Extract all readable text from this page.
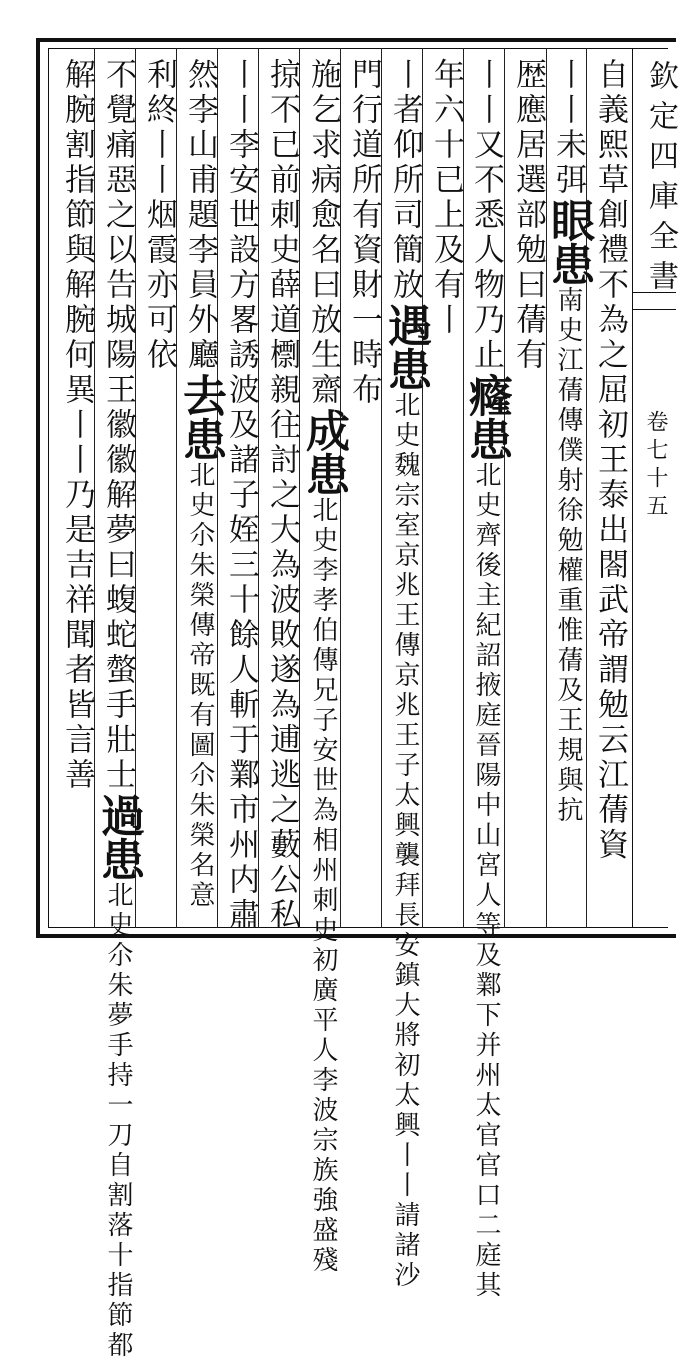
欽定四庫全書
卷七十五
自義熙草創禮不為之屈初王泰出閤武帝謂勉云江蒨資
丨丨未弭眼患南史江蒨傳僕射徐勉權重惟蒨及王規與抗
歴應居選部勉曰蒨有
丨丨又不悉人物乃止癃患北史齊後主紀詔掖庭晉陽中山宮人等及鄴下并州太官官口二庭其
年六十已上及有丨
丨者仰所司簡放遇患北史魏宗室京兆王傳京兆王子太興襲拜長安鎮大將初太興丨丨請諸沙
門行道所有資財一時布
施乞求病愈名曰放生齋成患北史李孝伯傳兄子安世為相州刺史初廣平人李波宗族強盛殘
掠不已前刺史薛道檦親往討之大為波敗遂為逋逃之藪公私
丨丨李安世設方畧誘波及諸子姪三十餘人斬于鄴市州内肅
然李山甫題李員外廳去患北史尒朱榮傳帝既有圖尒朱榮名意
利終丨丨烟霞亦可依
不覺痛惡之以告城陽王徽徽解夢曰蝮蛇螫手壯士過患北史尒朱夢手持一刀自割落十指節都
解腕割指節與解腕何異丨丨乃是吉祥聞者皆言善
